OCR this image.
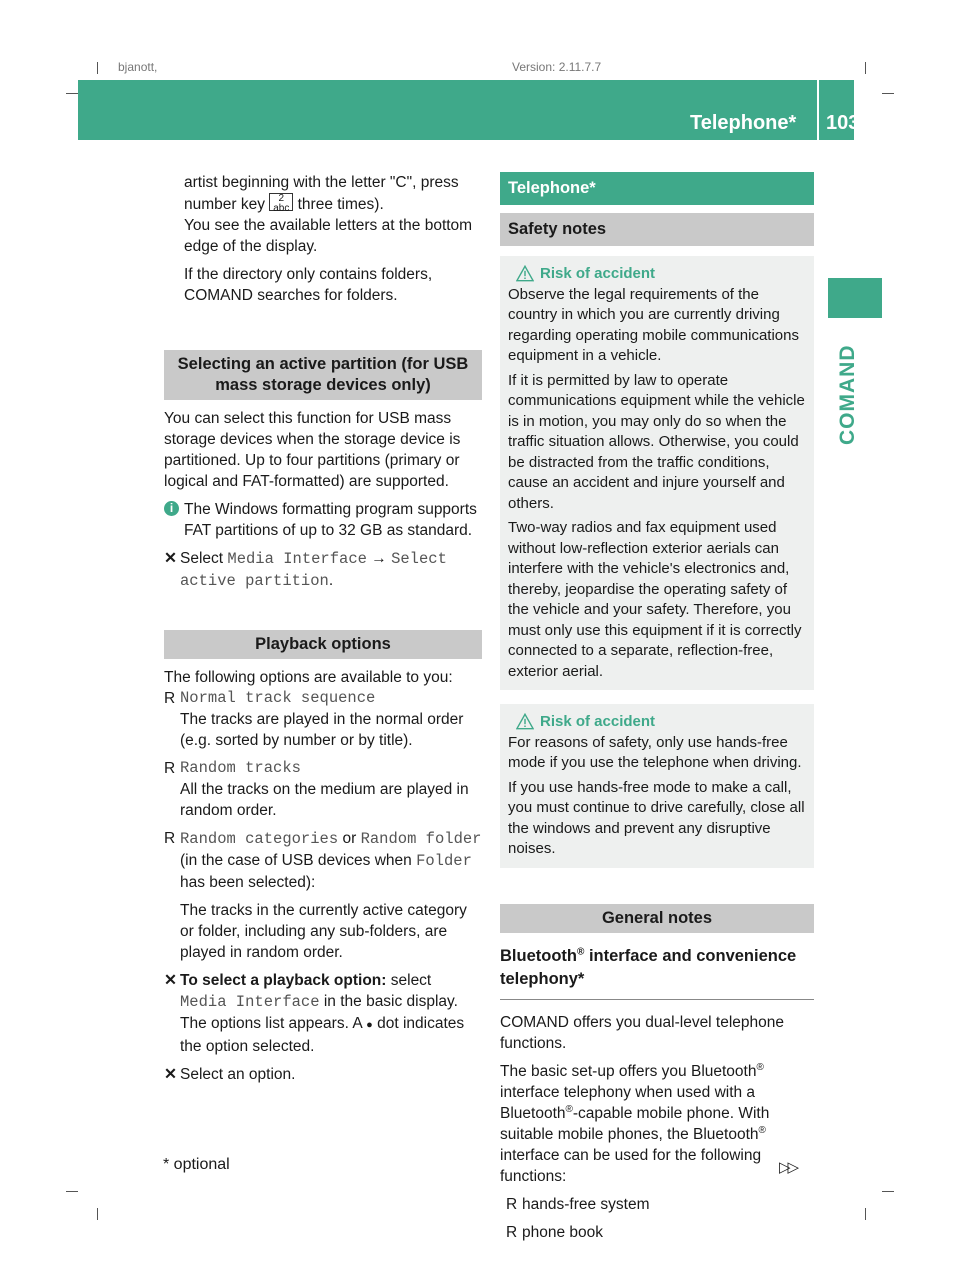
bjanott,	Version: 2.11.7.7
Telephone* 103
COMAND

artist beginning with the letter "C", press

number key 2 abc three times).

You see the available letters at the bottom edge of the display.

If the directory only contains folders, COMAND searches for folders.

Selecting an active partition (for USB mass storage devices only)

You can select this function for USB mass storage devices when the storage device is partitioned. Up to four partitions (primary or logical and FAT-formatted) are supported.

i The Windows formatting program supports FAT partitions of up to 32 GB as standard.
✕ Select Media Interface → Select active partition.
Playback options

The following options are available to you:

R Normal track sequence

The tracks are played in the normal order (e.g. sorted by number or by title).

R Random tracks

All the tracks on the medium are played in random order.

R Random categories or Random folder

(in the case of USB devices when Folder has been selected):

The tracks in the currently active category or folder, including any sub-folders, are played in random order.

✕ To select a playback option: select

Media Interface in the basic display.

The options list appears. A ● dot indicates the option selected.

✕ Select an option.
Telephone*
Safety notes
Risk of accident

Observe the legal requirements of the country in which you are currently driving regarding operating mobile communications equipment in a vehicle.

If it is permitted by law to operate communications equipment while the vehicle is in motion, you may only do so when the traffic situation allows. Otherwise, you could be distracted from the traffic conditions, cause an accident and injure yourself and others.

Two-way radios and fax equipment used without low-reflection exterior aerials can interfere with the vehicle's electronics and, thereby, jeopardise the operating safety of the vehicle and your safety. Therefore, you must only use this equipment if it is correctly connected to a separate, reflection-free, exterior aerial.

Risk of accident

For reasons of safety, only use hands-free mode if you use the telephone when driving.

If you use hands-free mode to make a call, you must continue to drive carefully, close all the windows and prevent any disruptive noises.

General notes
Bluetooth® interface and convenience telephony*

COMAND offers you dual-level telephone functions.

The basic set-up offers you Bluetooth® interface telephony when used with a Bluetooth®-capable mobile phone. With suitable mobile phones, the Bluetooth® interface can be used for the following functions:

R hands-free system
R phone book
* optional	▷▷
